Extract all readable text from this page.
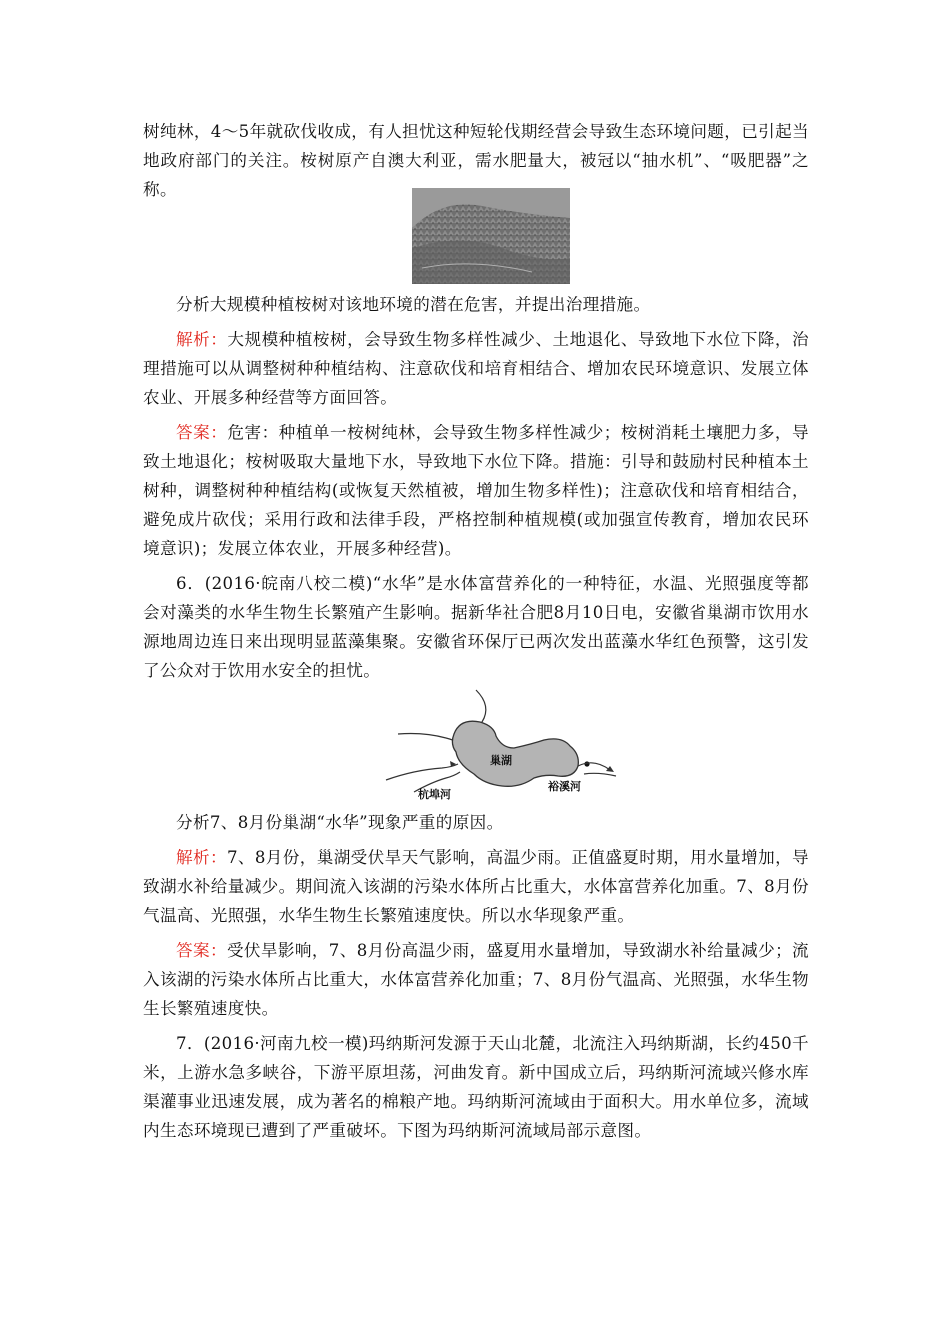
树纯林，4～5年就砍伐收成，有人担忧这种短轮伐期经营会导致生态环境问题，已引起当地政府部门的关注。桉树原产自澳大利亚，需水肥量大，被冠以“抽水机”、“吸肥器”之称。

分析大规模种植桉树对该地环境的潜在危害，并提出治理措施。

解析：大规模种植桉树，会导致生物多样性减少、土地退化、导致地下水位下降，治理措施可以从调整树种种植结构、注意砍伐和培育相结合、增加农民环境意识、发展立体农业、开展多种经营等方面回答。

答案：危害：种植单一桉树纯林，会导致生物多样性减少；桉树消耗土壤肥力多，导致土地退化；桉树吸取大量地下水，导致地下水位下降。措施：引导和鼓励村民种植本土树种，调整树种种植结构(或恢复天然植被，增加生物多样性)；注意砍伐和培育相结合，避免成片砍伐；采用行政和法律手段，严格控制种植规模(或加强宣传教育，增加农民环境意识)；发展立体农业，开展多种经营)。

6．(2016·皖南八校二模)“水华”是水体富营养化的一种特征，水温、光照强度等都会对藻类的水华生物生长繁殖产生影响。据新华社合肥8月10日电，安徽省巢湖市饮用水源地周边连日来出现明显蓝藻集聚。安徽省环保厅已两次发出蓝藻水华红色预警，这引发了公众对于饮用水安全的担忧。

巢湖
杭埠河
裕溪河

分析7、8月份巢湖“水华”现象严重的原因。

解析：7、8月份，巢湖受伏旱天气影响，高温少雨。正值盛夏时期，用水量增加，导致湖水补给量减少。期间流入该湖的污染水体所占比重大，水体富营养化加重。7、8月份气温高、光照强，水华生物生长繁殖速度快。所以水华现象严重。

答案：受伏旱影响，7、8月份高温少雨，盛夏用水量增加，导致湖水补给量减少；流入该湖的污染水体所占比重大，水体富营养化加重；7、8月份气温高、光照强，水华生物生长繁殖速度快。

7．(2016·河南九校一模)玛纳斯河发源于天山北麓，北流注入玛纳斯湖，长约450千米，上游水急多峡谷，下游平原坦荡，河曲发育。新中国成立后，玛纳斯河流域兴修水库渠灌事业迅速发展，成为著名的棉粮产地。玛纳斯河流域由于面积大。用水单位多，流域内生态环境现已遭到了严重破坏。下图为玛纳斯河流域局部示意图。
